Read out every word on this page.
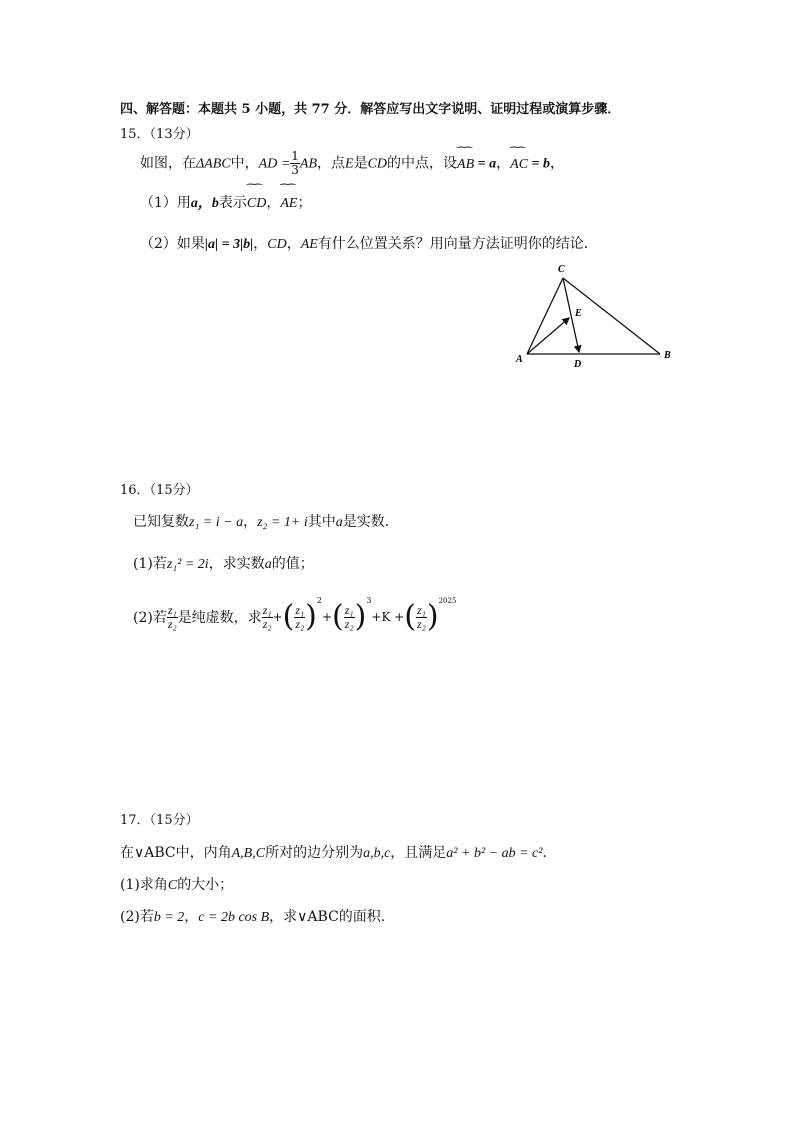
四、解答题：本题共 5 小题，共 77 分．解答应写出文字说明、证明过程或演算步骤．
15．（13分）
如图，在ΔABC中，AD = $\frac{1}{3}$ AB，点E是CD的中点，设⁀⁀ AB = a，⁀⁀ AC = b，
（1）用a，b表示⁀⁀ CD，⁀⁀ AE；
（2）如果|a| = 3|b|，CD，AE有什么位置关系？用向量方法证明你的结论．
A	B
C
D
E
16．（15分）
已知复数z₁ = i − a，z₂ = 1+ i其中a是实数．
(1)若z₁² = 2i，求实数a的值；
(2)若 $\frac{\text{z₁}}{\text{z₂}}$ 是纯虚数，求 $\frac{\text{z₁}}{\text{z₂}}$ +( $\frac{\text{z₁}}{\text{z₂}} )^2+( \frac{\text{z₁}}{\text{z₂}} )^3+K$ +( $\frac{\text{z₁}}{\text{z₂}} )^{2025}$
17．（15分）
在∨ABC中，内角A,B,C所对的边分别为a,b,c，且满足a² + b² − ab = c²．
(1)求角C的大小；
(2)若b = 2，c = 2b cos B，求∨ABC的面积.
